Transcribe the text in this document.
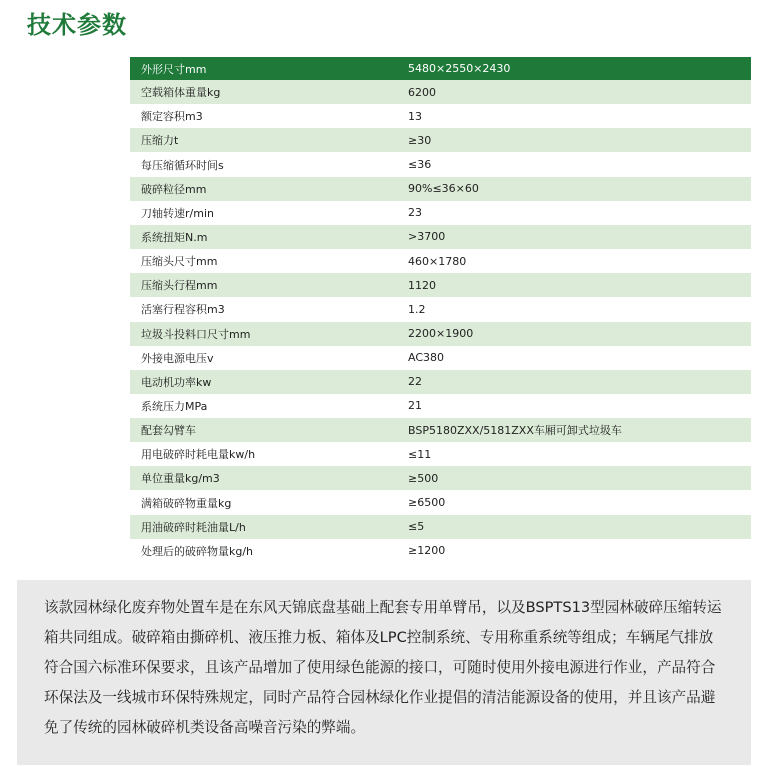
技术参数
外形尺寸mm	5480×2550×2430
空载箱体重量kg	6200
额定容积m3	13
压缩力t	≥30
每压缩循环时间s	≤36
破碎粒径mm	90%≤36×60
刀轴转速r/min	23
系统扭矩N.m	>3700
压缩头尺寸mm	460×1780
压缩头行程mm	1120
活塞行程容积m3	1.2
垃圾斗投料口尺寸mm	2200×1900
外接电源电压v	AC380
电动机功率kw	22
系统压力MPa	21
配套勾臂车	BSP5180ZXX/5181ZXX车厢可卸式垃圾车
用电破碎时耗电量kw/h	≤11
单位重量kg/m3	≥500
满箱破碎物重量kg	≥6500
用油破碎时耗油量L/h	≤5
处理后的破碎物量kg/h	≥1200
该款园林绿化废弃物处置车是在东风天锦底盘基础上配套专用单臂吊，以及BSPTS13型园林破碎压缩转运箱共同组成。破碎箱由撕碎机、液压推力板、箱体及LPC控制系统、专用称重系统等组成；车辆尾气排放符合国六标准环保要求，且该产品增加了使用绿色能源的接口，可随时使用外接电源进行作业，产品符合环保法及一线城市环保特殊规定，同时产品符合园林绿化作业提倡的清洁能源设备的使用，并且该产品避免了传统的园林破碎机类设备高噪音污染的弊端。
